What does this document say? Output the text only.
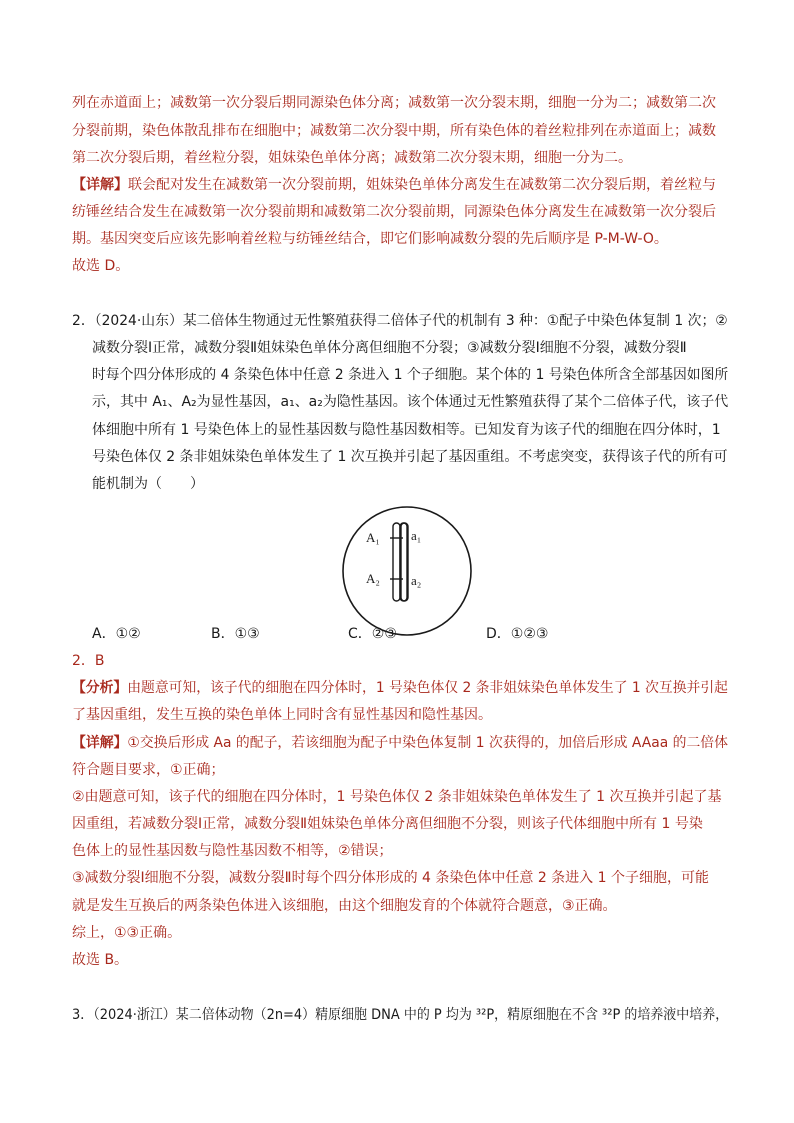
列在赤道面上；减数第一次分裂后期同源染色体分离；减数第一次分裂末期，细胞一分为二；减数第二次

分裂前期，染色体散乱排布在细胞中；减数第二次分裂中期，所有染色体的着丝粒排列在赤道面上；减数

第二次分裂后期，着丝粒分裂，姐妹染色单体分离；减数第二次分裂末期，细胞一分为二。

【详解】联会配对发生在减数第一次分裂前期，姐妹染色单体分离发生在减数第二次分裂后期，着丝粒与

纺锤丝结合发生在减数第一次分裂前期和减数第二次分裂前期，同源染色体分离发生在减数第一次分裂后

期。基因突变后应该先影响着丝粒与纺锤丝结合，即它们影响减数分裂的先后顺序是 P-M-W-O。

故选 D。

2．（2024·山东）某二倍体生物通过无性繁殖获得二倍体子代的机制有 3 种：①配子中染色体复制 1 次；②

减数分裂Ⅰ正常，减数分裂Ⅱ姐妹染色单体分离但细胞不分裂；③减数分裂Ⅰ细胞不分裂，减数分裂Ⅱ

时每个四分体形成的 4 条染色体中任意 2 条进入 1 个子细胞。某个体的 1 号染色体所含全部基因如图所

示，其中 A₁、A₂为显性基因，a₁、a₂为隐性基因。该个体通过无性繁殖获得了某个二倍体子代，该子代

体细胞中所有 1 号染色体上的显性基因数与隐性基因数相等。已知发育为该子代的细胞在四分体时，1

号染色体仅 2 条非姐妹染色单体发生了 1 次互换并引起了基因重组。不考虑突变，获得该子代的所有可

能机制为（　　）

A₁
A₂
a₁
a₂
A．①②	B．①③	C．②③	D．①②③

2．B

【分析】由题意可知，该子代的细胞在四分体时，1 号染色体仅 2 条非姐妹染色单体发生了 1 次互换并引起

了基因重组，发生互换的染色单体上同时含有显性基因和隐性基因。

【详解】①交换后形成 Aa 的配子，若该细胞为配子中染色体复制 1 次获得的，加倍后形成 AAaa 的二倍体

符合题目要求，①正确；

②由题意可知，该子代的细胞在四分体时，1 号染色体仅 2 条非姐妹染色单体发生了 1 次互换并引起了基

因重组，若减数分裂Ⅰ正常，减数分裂Ⅱ姐妹染色单体分离但细胞不分裂，则该子代体细胞中所有 1 号染

色体上的显性基因数与隐性基因数不相等，②错误；

③减数分裂Ⅰ细胞不分裂，减数分裂Ⅱ时每个四分体形成的 4 条染色体中任意 2 条进入 1 个子细胞，可能

就是发生互换后的两条染色体进入该细胞，由这个细胞发育的个体就符合题意，③正确。

综上，①③正确。

故选 B。

3．（2024·浙江）某二倍体动物（2n=4）精原细胞 DNA 中的 P 均为 ³²P，精原细胞在不含 ³²P 的培养液中培养，
